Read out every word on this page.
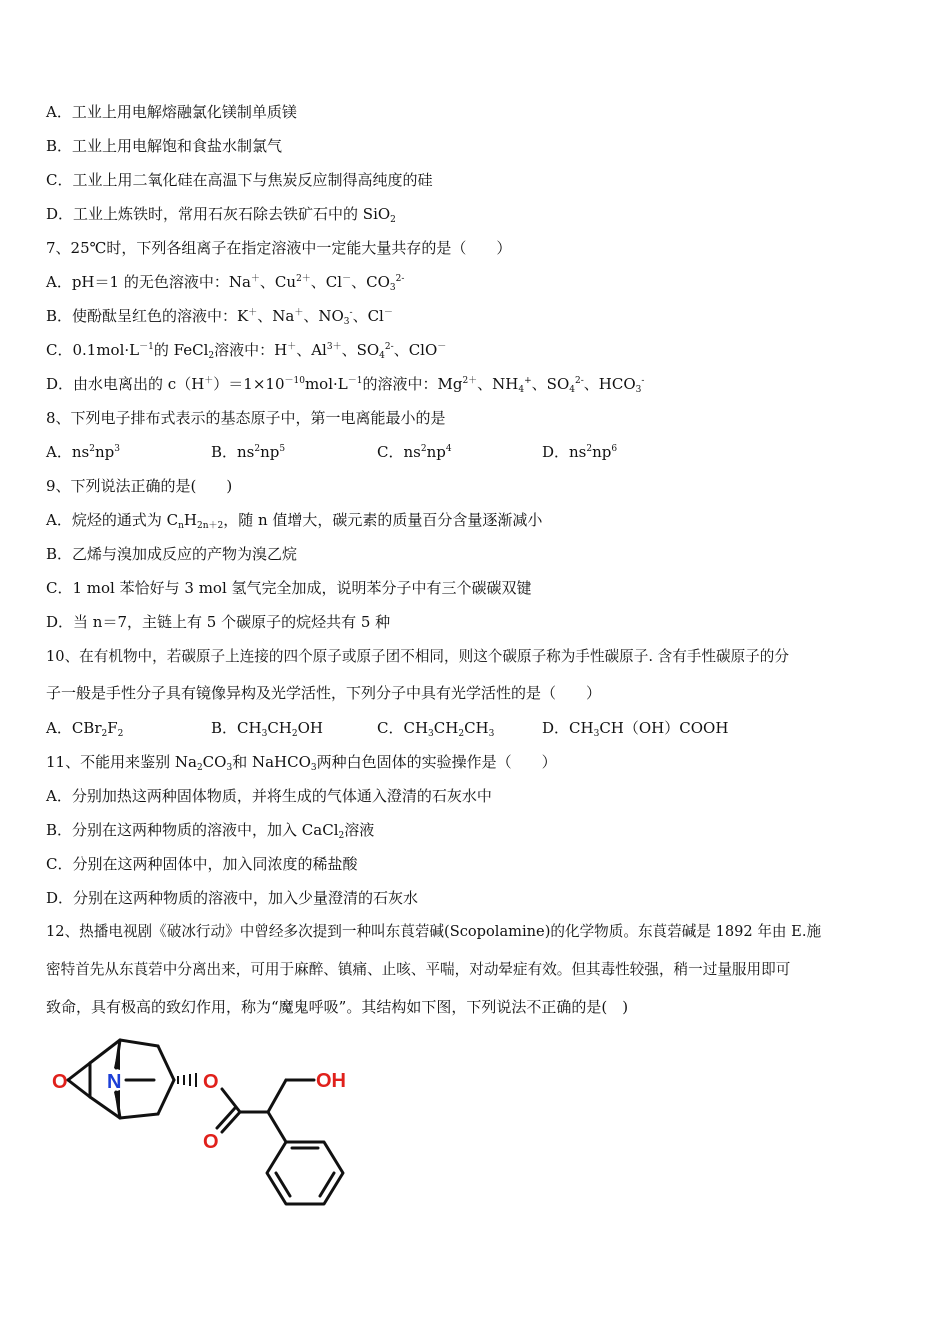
A．工业上用电解熔融氯化镁制单质镁
B．工业上用电解饱和食盐水制氯气
C．工业上用二氧化硅在高温下与焦炭反应制得高纯度的硅
D．工业上炼铁时，常用石灰石除去铁矿石中的 SiO$_2$
7、25℃时，下列各组离子在指定溶液中一定能大量共存的是（　　）
A．pH＝1 的无色溶液中：Na＋、$Cu^{2+}$、Cl－、$CO_3^{2-}$
B．使酚酞呈红色的溶液中：K＋、Na＋、$NO_3^-$、Cl－
C．$0.1mol\cdot L^{-1}$的 FeCl$_2$溶液中：H＋、$Al^{3+}$、$SO_4^{2-}$、ClO－
D．由水电离出的 $c(H^+)=1\times 10^{-10}mol\cdot L^{-1}$的溶液中：$Mg^{2+}$、$NH_4^+$、$SO_4^{2-}$、$HCO_3^-$
8、下列电子排布式表示的基态原子中，第一电离能最小的是
A．$ns^2np^3$	B．$ns^2np^5$	C．$ns^2np^4$	D．$ns^2np^6$
9、下列说法正确的是(　　)
A．烷烃的通式为 $C_nH_{2n+2}$，随 n 值增大，碳元素的质量百分含量逐渐减小
B．乙烯与溴加成反应的产物为溴乙烷
C．1 mol 苯恰好与 3 mol 氢气完全加成，说明苯分子中有三个碳碳双键
D．当 n＝7，主链上有 5 个碳原子的烷烃共有 5 种
10、在有机物中，若碳原子上连接的四个原子或原子团不相同，则这个碳原子称为手性碳原子. 含有手性碳原子的分
子一般是手性分子具有镜像异构及光学活性，下列分子中具有光学活性的是（　　）
A．$CBr_2F_2$	B．$CH_3CH_2OH$	C．$CH_3CH_2CH_3$	D．$CH_3CH(OH)COOH$
11、不能用来鉴别 $Na_2CO_3$和 NaHCO$_3$两种白色固体的实验操作是（　　）
A．分别加热这两种固体物质，并将生成的气体通入澄清的石灰水中
B．分别在这两种物质的溶液中，加入 CaCl$_2$溶液
C．分别在这两种固体中，加入同浓度的稀盐酸
D．分别在这两种物质的溶液中，加入少量澄清的石灰水
12、热播电视剧《破冰行动》中曾经多次提到一种叫东莨菪碱(Scopolamine)的化学物质。东莨菪碱是 1892 年由 E.施
密特首先从东莨菪中分离出来，可用于麻醉、镇痛、止咳、平喘，对动晕症有效。但其毒性较强，稍一过量服用即可
致命，具有极高的致幻作用，称为“魔鬼呼吸”。其结构如下图，下列说法不正确的是(　)
O N	O
O
OH
